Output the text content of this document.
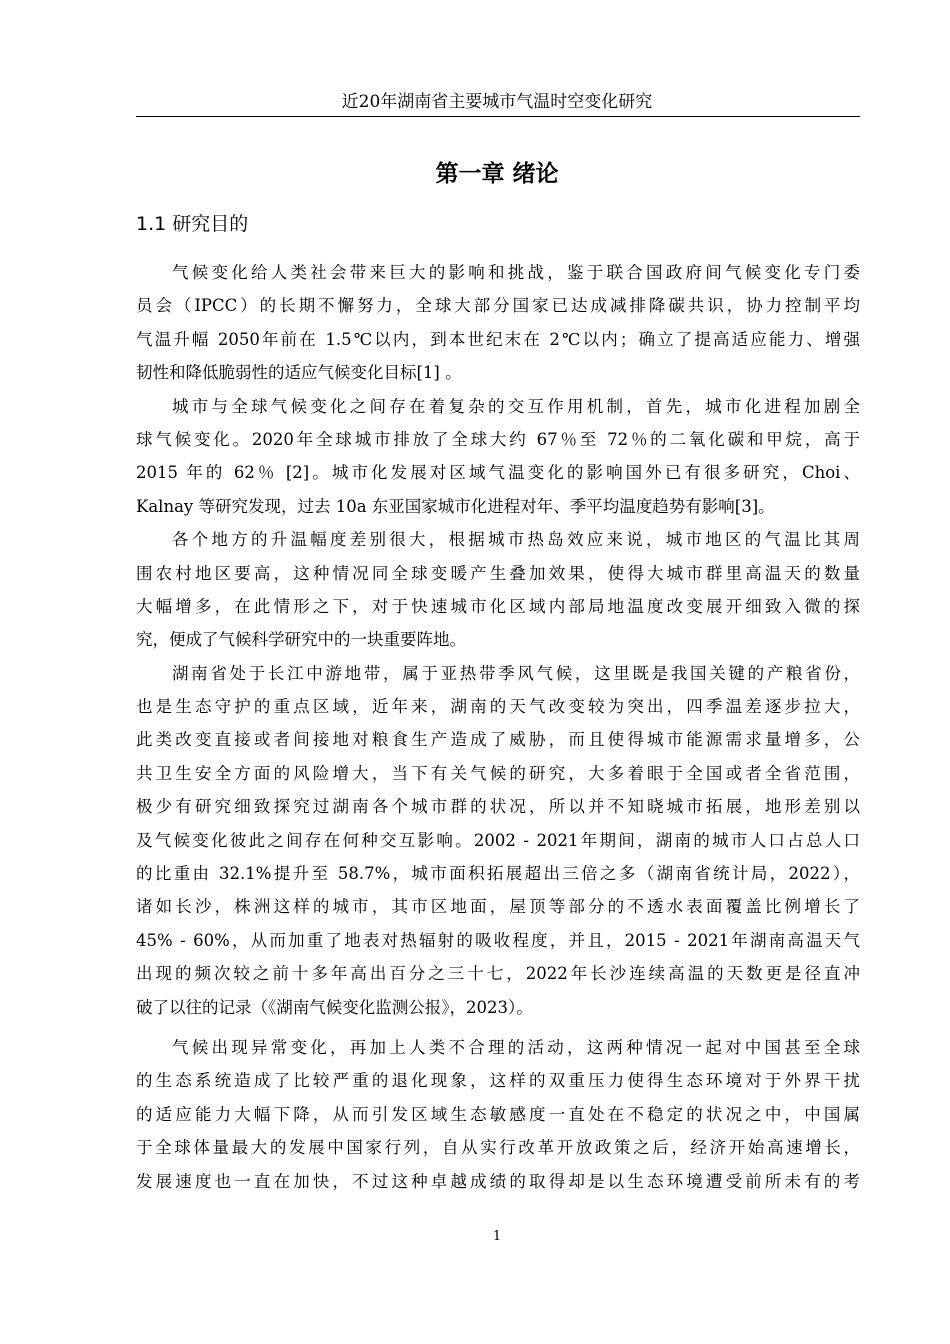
近20年湖南省主要城市气温时空变化研究
第一章 绪论
1.1 研究目的
气候变化给人类社会带来巨大的影响和挑战，鉴于联合国政府间气候变化专门委
员会（IPCC）的长期不懈努力，全球大部分国家已达成减排降碳共识，协力控制平均
气温升幅 2050年前在 1.5℃以内，到本世纪末在 2℃以内；确立了提高适应能力、增强
韧性和降低脆弱性的适应气候变化目标[1] 。
城市与全球气候变化之间存在着复杂的交互作用机制，首先，城市化进程加剧全
球气候变化。2020年全球城市排放了全球大约 67％至 72％的二氧化碳和甲烷，高于
2015 年的 62％ [2]。城市化发展对区域气温变化的影响国外已有很多研究，Choi、
Kalnay 等研究发现，过去 10a 东亚国家城市化进程对年、季平均温度趋势有影响[3]。
各个地方的升温幅度差别很大，根据城市热岛效应来说，城市地区的气温比其周
围农村地区要高，这种情况同全球变暖产生叠加效果，使得大城市群里高温天的数量
大幅增多，在此情形之下，对于快速城市化区域内部局地温度改变展开细致入微的探
究，便成了气候科学研究中的一块重要阵地。
湖南省处于长江中游地带，属于亚热带季风气候，这里既是我国关键的产粮省份，
也是生态守护的重点区域，近年来，湖南的天气改变较为突出，四季温差逐步拉大，
此类改变直接或者间接地对粮食生产造成了威胁，而且使得城市能源需求量增多，公
共卫生安全方面的风险增大，当下有关气候的研究，大多着眼于全国或者全省范围，
极少有研究细致探究过湖南各个城市群的状况，所以并不知晓城市拓展，地形差别以
及气候变化彼此之间存在何种交互影响。2002 - 2021年期间，湖南的城市人口占总人口
的比重由 32.1%提升至 58.7%，城市面积拓展超出三倍之多（湖南省统计局，2022），
诸如长沙，株洲这样的城市，其市区地面，屋顶等部分的不透水表面覆盖比例增长了
45% - 60%，从而加重了地表对热辐射的吸收程度，并且，2015 - 2021年湖南高温天气
出现的频次较之前十多年高出百分之三十七，2022年长沙连续高温的天数更是径直冲
破了以往的记录（《湖南气候变化监测公报》，2023）。
气候出现异常变化，再加上人类不合理的活动，这两种情况一起对中国甚至全球
的生态系统造成了比较严重的退化现象，这样的双重压力使得生态环境对于外界干扰
的适应能力大幅下降，从而引发区域生态敏感度一直处在不稳定的状况之中，中国属
于全球体量最大的发展中国家行列，自从实行改革开放政策之后，经济开始高速增长，
发展速度也一直在加快，不过这种卓越成绩的取得却是以生态环境遭受前所未有的考
1
